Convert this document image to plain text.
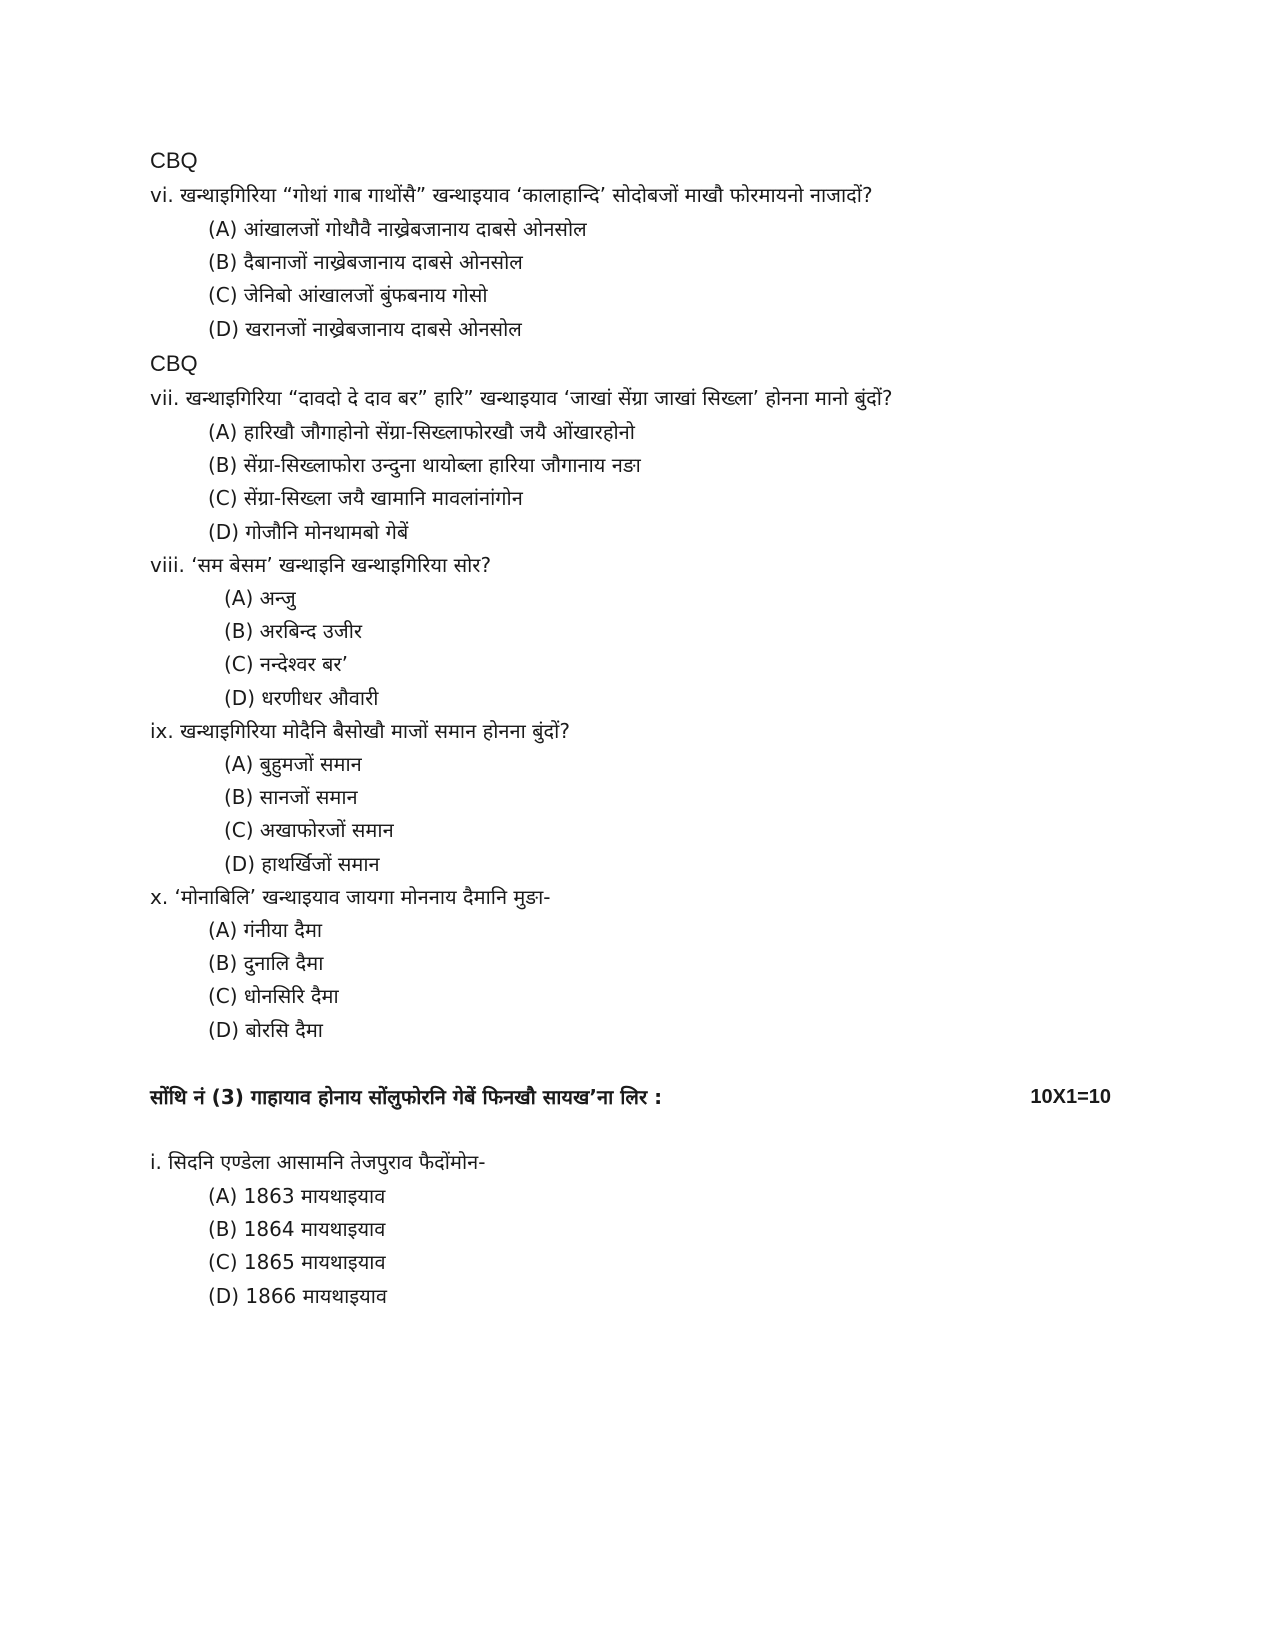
CBQ
vi. खन्थाइगिरिया “गोथां गाब गाथोंसै” खन्थाइयाव ‘कालाहान्दि’ सोदोबजों माखौ फोरमायनो नाजादों?
(A) आंखालजों गोथौवै नाख्रेबजानाय दाबसे ओनसोल
(B) दैबानाजों नाख्रेबजानाय दाबसे ओनसोल
(C) जेनिबो आंखालजों बुंफबनाय गोसो
(D) खरानजों नाख्रेबजानाय दाबसे ओनसोल
CBQ
vii. खन्थाइगिरिया “दावदो दे दाव बर” हारि” खन्थाइयाव ‘जाखां सेंग्रा जाखां सिख्ला’ होनना मानो बुंदों?
(A) हारिखौ जौगाहोनो सेंग्रा-सिख्लाफोरखौ जयै ओंखारहोनो
(B) सेंग्रा-सिख्लाफोरा उन्दुना थायोब्ला हारिया जौगानाय नङा
(C) सेंग्रा-सिख्ला जयै खामानि मावलांनांगोन
(D) गोजौनि मोनथामबो गेबें
viii. ‘सम बेसम’ खन्थाइनि खन्थाइगिरिया सोर?
(A) अन्जु
(B) अरबिन्द उजीर
(C) नन्देश्वर बर’
(D) धरणीधर औवारी
ix. खन्थाइगिरिया मोदैनि बैसोखौ माजों समान होनना बुंदों?
(A) बुहुमजों समान
(B) सानजों समान
(C) अखाफोरजों समान
(D) हाथर्खिजों समान
x. ‘मोनाबिलि’ खन्थाइयाव जायगा मोननाय दैमानि मुङा-
(A) गंनीया दैमा
(B) दुनालि दैमा
(C) धोनसिरि दैमा
(D) बोरसि दैमा
सोंथि नं (3) गाहायाव होनाय सोंलुफोरनि गेबें फिनखौ सायख’ना लिर :	10X1=10
i. सिदनि एण्डेला आसामनि तेजपुराव फैदोंमोन-
(A) 1863 मायथाइयाव
(B) 1864 मायथाइयाव
(C) 1865 मायथाइयाव
(D) 1866 मायथाइयाव
